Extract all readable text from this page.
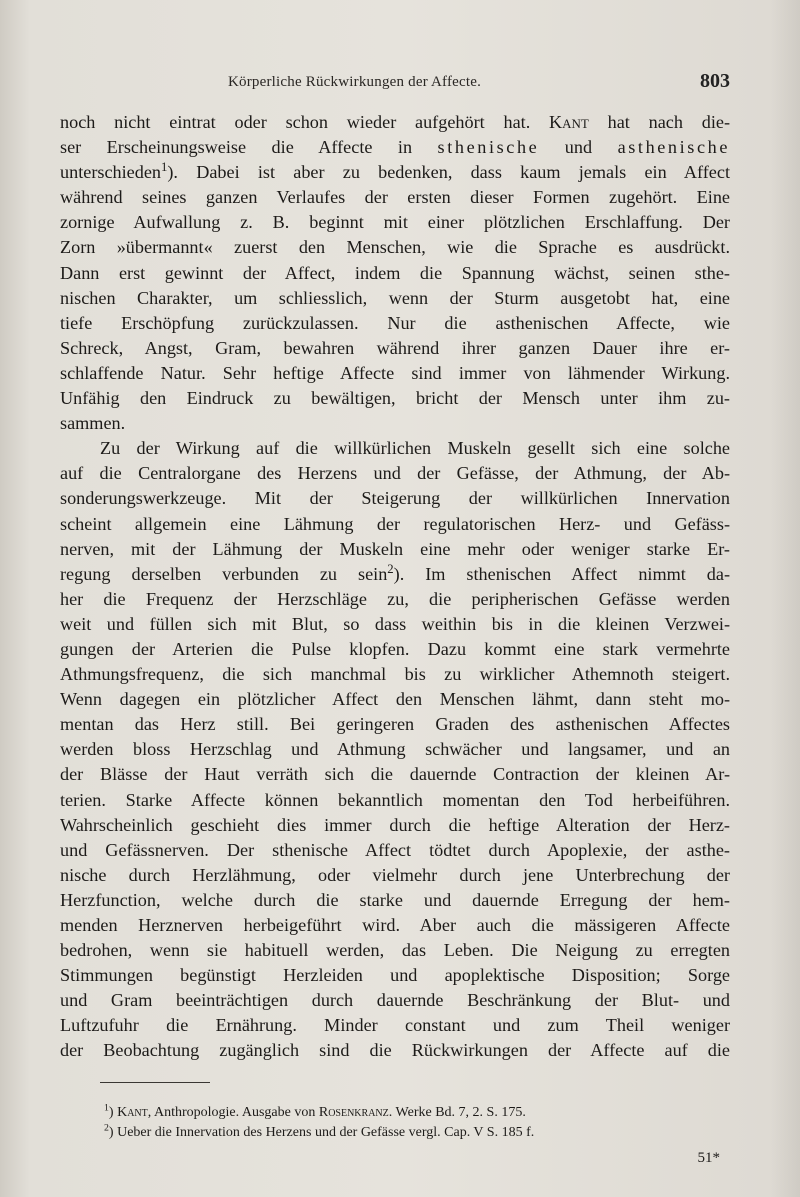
Körperliche Rückwirkungen der Affecte.	803
noch nicht eintrat oder schon wieder aufgehört hat. Kant hat nach die-
ser Erscheinungsweise die Affecte in sthenische und asthenische
unterschieden$^1$). Dabei ist aber zu bedenken, dass kaum jemals ein Affect
während seines ganzen Verlaufes der ersten dieser Formen zugehört. Eine
zornige Aufwallung z. B. beginnt mit einer plötzlichen Erschlaffung. Der
Zorn »übermannt« zuerst den Menschen, wie die Sprache es ausdrückt.
Dann erst gewinnt der Affect, indem die Spannung wächst, seinen sthe-
nischen Charakter, um schliesslich, wenn der Sturm ausgetobt hat, eine
tiefe Erschöpfung zurückzulassen. Nur die asthenischen Affecte, wie
Schreck, Angst, Gram, bewahren während ihrer ganzen Dauer ihre er-
schlaffende Natur. Sehr heftige Affecte sind immer von lähmender Wirkung.
Unfähig den Eindruck zu bewältigen, bricht der Mensch unter ihm zu-
sammen.
Zu der Wirkung auf die willkürlichen Muskeln gesellt sich eine solche
auf die Centralorgane des Herzens und der Gefässe, der Athmung, der Ab-
sonderungswerkzeuge. Mit der Steigerung der willkürlichen Innervation
scheint allgemein eine Lähmung der regulatorischen Herz- und Gefäss-
nerven, mit der Lähmung der Muskeln eine mehr oder weniger starke Er-
regung derselben verbunden zu sein$^2$). Im sthenischen Affect nimmt da-
her die Frequenz der Herzschläge zu, die peripherischen Gefässe werden
weit und füllen sich mit Blut, so dass weithin bis in die kleinen Verzwei-
gungen der Arterien die Pulse klopfen. Dazu kommt eine stark vermehrte
Athmungsfrequenz, die sich manchmal bis zu wirklicher Athemnoth steigert.
Wenn dagegen ein plötzlicher Affect den Menschen lähmt, dann steht mo-
mentan das Herz still. Bei geringeren Graden des asthenischen Affectes
werden bloss Herzschlag und Athmung schwächer und langsamer, und an
der Blässe der Haut verräth sich die dauernde Contraction der kleinen Ar-
terien. Starke Affecte können bekanntlich momentan den Tod herbeiführen.
Wahrscheinlich geschieht dies immer durch die heftige Alteration der Herz-
und Gefässnerven. Der sthenische Affect tödtet durch Apoplexie, der asthe-
nische durch Herzlähmung, oder vielmehr durch jene Unterbrechung der
Herzfunction, welche durch die starke und dauernde Erregung der hem-
menden Herznerven herbeigeführt wird. Aber auch die mässigeren Affecte
bedrohen, wenn sie habituell werden, das Leben. Die Neigung zu erregten
Stimmungen begünstigt Herzleiden und apoplektische Disposition; Sorge
und Gram beeinträchtigen durch dauernde Beschränkung der Blut- und
Luftzufuhr die Ernährung. Minder constant und zum Theil weniger
der Beobachtung zugänglich sind die Rückwirkungen der Affecte auf die
$^1$) Kant, Anthropologie. Ausgabe von Rosenkranz. Werke Bd. 7, 2. S. 175.
$^2$) Ueber die Innervation des Herzens und der Gefässe vergl. Cap. V S. 185 f.
51*
